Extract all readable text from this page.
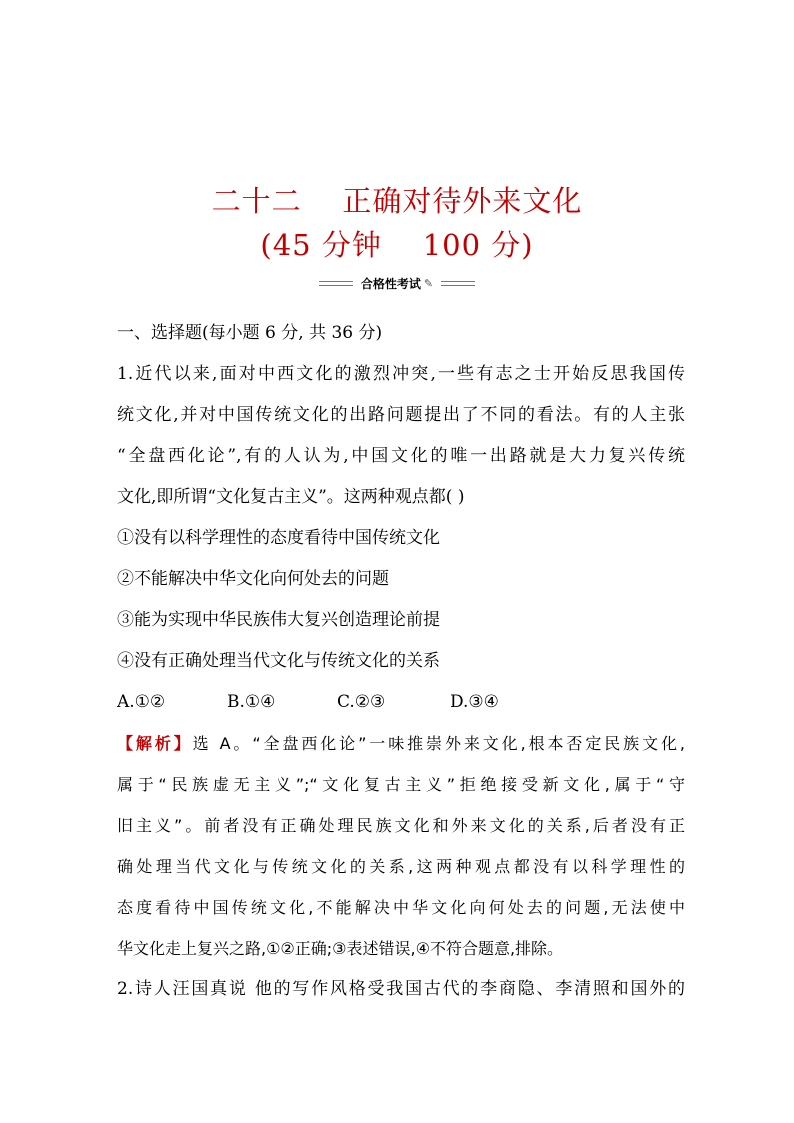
二十二    正确对待外来文化
(45 分钟    100 分)
合格性考试 ✎
一、选择题(每小题 6 分, 共 36 分)
1.近代以来,面对中西文化的激烈冲突,一些有志之士开始反思我国传
统文化,并对中国传统文化的出路问题提出了不同的看法。有的人主张
“全盘西化论”,有的人认为,中国文化的唯一出路就是大力复兴传统
文化,即所谓“文化复古主义”。这两种观点都( )
①没有以科学理性的态度看待中国传统文化
②不能解决中华文化向何处去的问题
③能为实现中华民族伟大复兴创造理论前提
④没有正确处理当代文化与传统文化的关系
A.①②	B.①④	C.②③	D.③④
【解析】选 A。“全盘西化论”一味推崇外来文化,根本否定民族文化,
属于“民族虚无主义”;“文化复古主义”拒绝接受新文化,属于“守
旧主义”。前者没有正确处理民族文化和外来文化的关系,后者没有正
确处理当代文化与传统文化的关系,这两种观点都没有以科学理性的
态度看待中国传统文化,不能解决中华文化向何处去的问题,无法使中
华文化走上复兴之路,①②正确;③表述错误,④不符合题意,排除。
2.诗人汪国真说 他的写作风格受我国古代的李商隐、李清照和国外的
